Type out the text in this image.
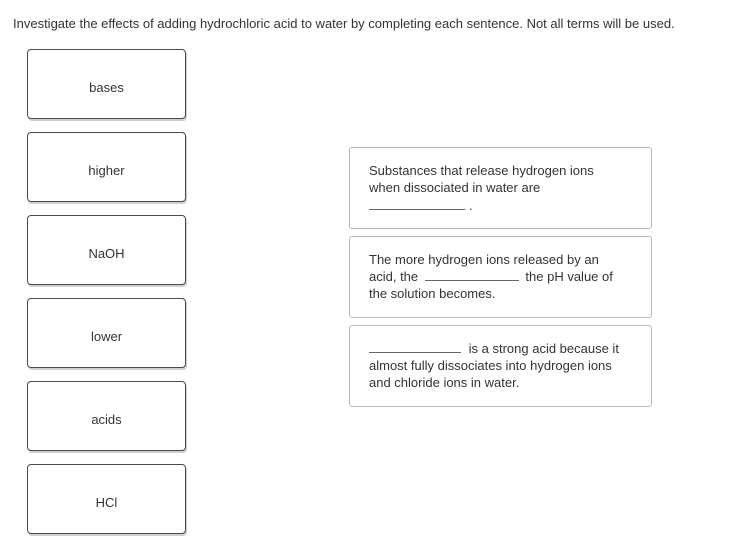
Investigate the effects of adding hydrochloric acid to water by completing each sentence. Not all terms will be used.
bases
higher
NaOH
lower
acids
HCl
Substances that release hydrogen ions
when dissociated in water are
.
The more hydrogen ions released by an
acid, the	the pH value of
the solution becomes.
is a strong acid because it
almost fully dissociates into hydrogen ions
and chloride ions in water.
